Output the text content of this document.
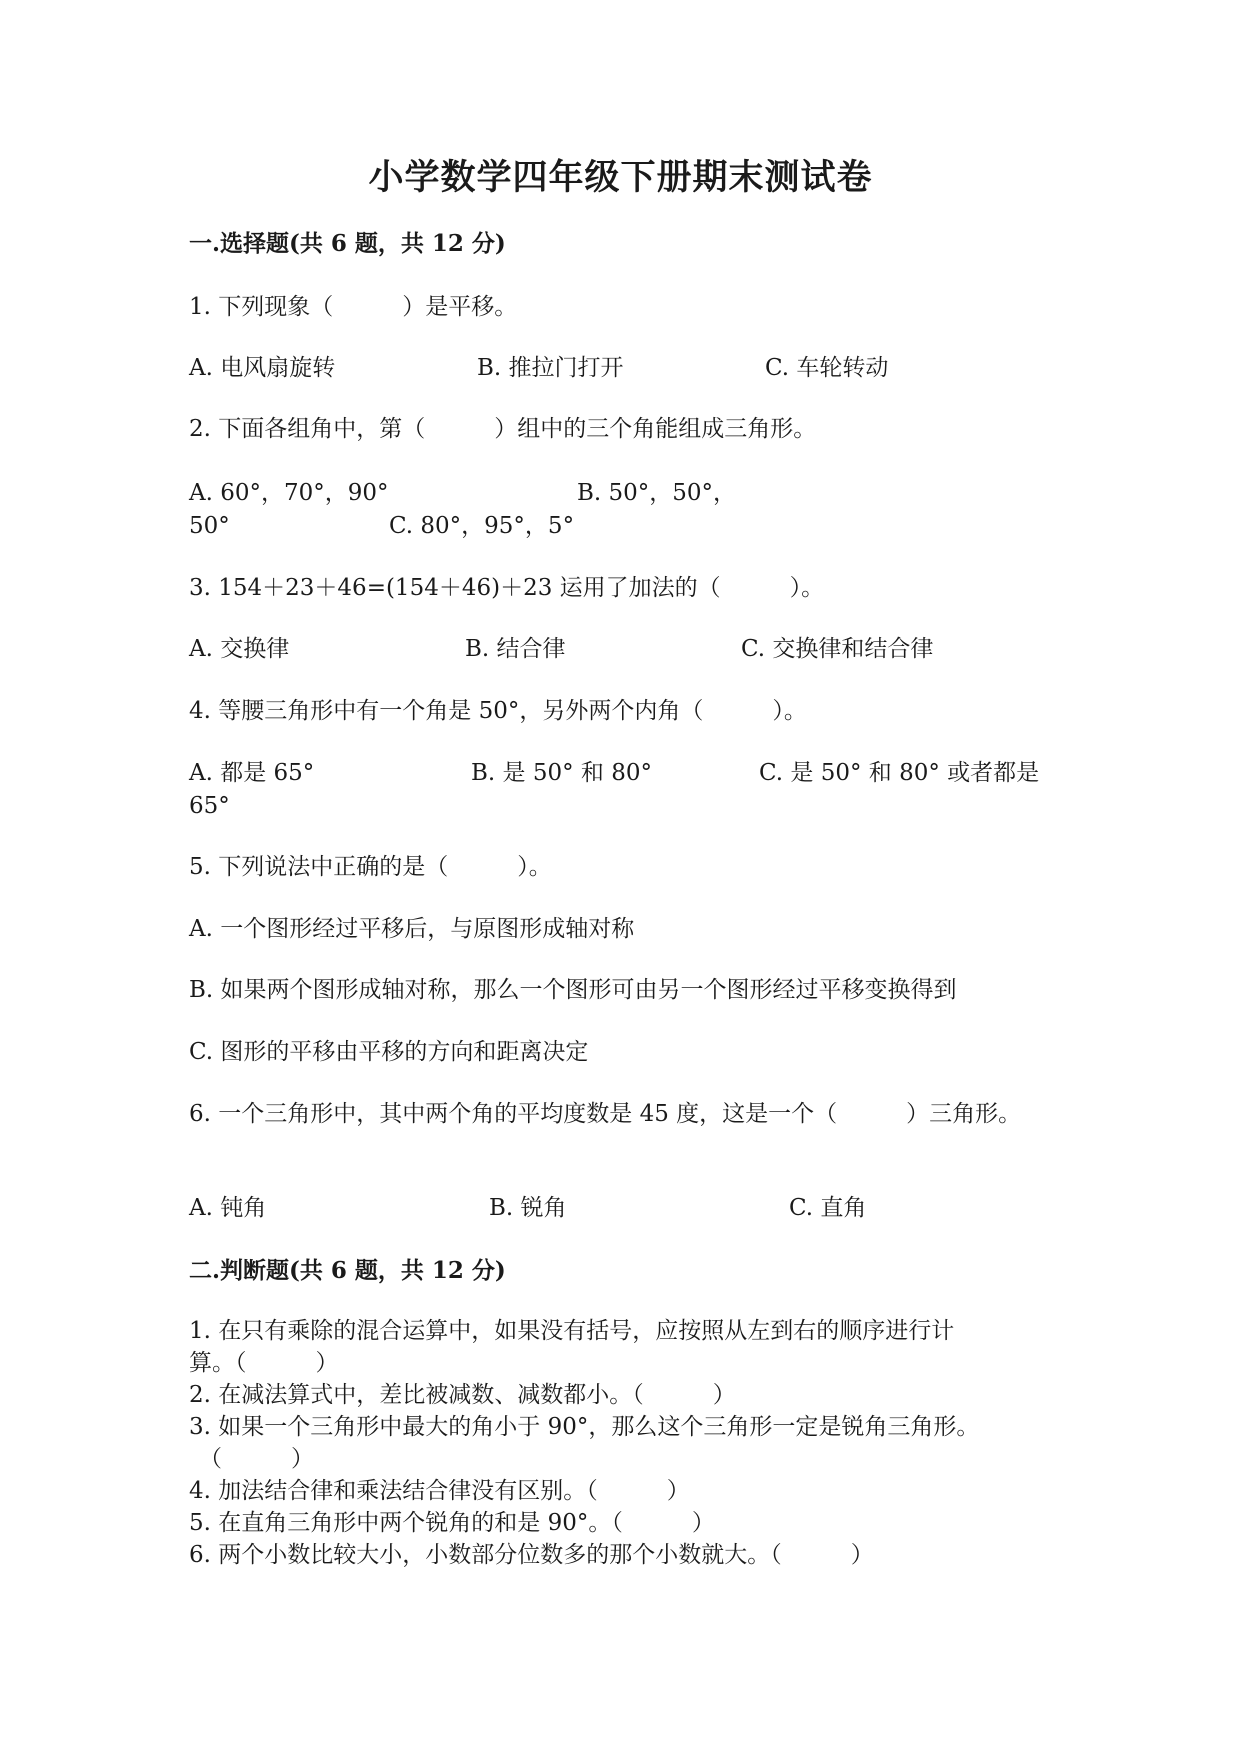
小学数学四年级下册期末测试卷
一.选择题(共 6 题，共 12 分)
1. 下列现象（　　　）是平移。
A. 电风扇旋转	B. 推拉门打开	C. 车轮转动
2. 下面各组角中，第（　　　）组中的三个角能组成三角形。
A. 60°，70°，90°	B. 50°，50°，
50°	C. 80°，95°，5°
3. 154＋23＋46=(154＋46)＋23 运用了加法的（　　　）。
A. 交换律	B. 结合律	C. 交换律和结合律
4. 等腰三角形中有一个角是 50°，另外两个内角（　　　）。
A. 都是 65°	B. 是 50° 和 80°	C. 是 50° 和 80° 或者都是
65°
5. 下列说法中正确的是（　　　）。
A. 一个图形经过平移后，与原图形成轴对称
B. 如果两个图形成轴对称，那么一个图形可由另一个图形经过平移变换得到
C. 图形的平移由平移的方向和距离决定
6. 一个三角形中，其中两个角的平均度数是 45 度，这是一个（　　　）三角形。
A. 钝角	B. 锐角	C. 直角
二.判断题(共 6 题，共 12 分)
1. 在只有乘除的混合运算中，如果没有括号，应按照从左到右的顺序进行计
算。（　　　）
2. 在减法算式中，差比被减数、减数都小。（　　　）
3. 如果一个三角形中最大的角小于 90°，那么这个三角形一定是锐角三角形。
（　　　）
4. 加法结合律和乘法结合律没有区别。（　　　）
5. 在直角三角形中两个锐角的和是 90°。（　　　）
6. 两个小数比较大小，小数部分位数多的那个小数就大。（　　　）
